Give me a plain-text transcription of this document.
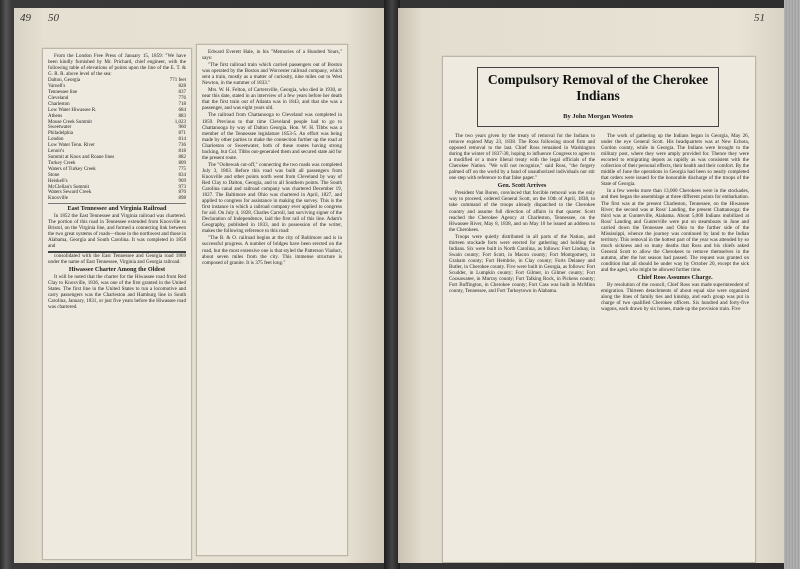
49 50

From the London Free Press of January 15, 1859: "We have been kindly furnished by Mr. Prichard, chief engineer, with the following table of elevations of points upon the line of the E. T. & G. R. R. above level of the sea:

Dalton, Georgia	771 feet
Varnell's	828
Tennessee line	837
Cleveland	776
Charleston	718
Low Water Hiwassee R.	684
Athens	883
Mouse Creek Summit	1,023
Sweetwater	960
Philadelphia	871
London	814
Low Water Tenn. River	736
Lenoir's	818
Summit at Knox and Roane lines	882
Turkey Creek	809
Waters of Turkey Creek	775
Stone	834
Heiskell's	969
McClellan's Summit	973
Waters Seward Creek	870
Knoxville	898

East Tennessee and Virginia Railroad

In 1852 the East Tennessee and Virginia railroad was chartered. The portion of this road in Tennessee extended from Knoxville to Bristol, on the Virginia line, and formed a connecting link between the two great systems of roads—those in the northwest and those in Alabama, Georgia and South Carolina. It was completed in 1858 and

consolidated with the East Tennessee and Georgia road 1869 under the name of East Tennessee, Virginia and Georgia railroad.

Hiwassee Charter Among the Oldest

It will be noted that the charter for the Hiwassee road from Red Clay to Knoxville, 1836, was one of the first granted in the United States. The first line in the United States to run a locomotive and carry passengers was the Charleston and Hamburg line in South Carolina, January, 1831, or just five years before the Hiwassee road was chartered.

Edward Everett Hale, in his "Memories of a Hundred Years," says:

"The first railroad train which carried passengers out of Boston was operated by the Boston and Worcester railroad company, which sent a train, mostly as a matter of curiosity, nine miles out to West Newton, in the summer of 1833."

Mrs. W. H. Felton, of Cartersville, Georgia, who died in 1930, or near this date, stated in an interview of a few years before her death that the first train out of Atlanta was in 1843, and that she was a passenger, and was eight years old.

The railroad from Chattanooga to Cleveland was completed in 1859. Previous to that time Cleveland people had to go to Chattanooga by way of Dalton Georgia. Hon. W. H. Tibbs was a member of the Tennessee legislature 1853-5. An effort was being made by other parties to make the connection further up the road at Charleston or Sweetwater, both of these routes having strong backing, but Col. Tibbs out-generaled them and secured state aid for the present route.

The "Ooltewah cut-off," connecting the two roads was completed July 3, 1863. Before this road was built all passengers from Knoxville and other points north went from Cleveland by way of Red Clay to Dalton, Georgia, and to all Southern points. The South Carolina canal and railroad company was chartered December 19, 1827. The Baltimore and Ohio was chartered in April, 1827, and applied to congress for assistance in making the survey. This is the first instance in which a railroad company ever applied to congress for aid. On July 4, 1828, Charles Carroll, last surviving signer of the Declaration of Independence, laid the first rail of this line. Adam's Geography, published in 1833, and in possession of the writer, makes the following reference to this road:

"The B. & O. railroad begins at the city of Baltimore and is in successful progress. A number of bridges have been erected on the road, but the most extensive one is that styled the Patterson Viaduct, about seven miles from the city. This immense structure is composed of granite. It is 375 feet long."

51
Compulsory Removal of the Cherokee Indians
By John Morgan Wooten

The two years given by the treaty of removal for the Indians to remove expired May 23, 1838. The Ross following stood firm and opposed removal to the last. Chief Ross remained in Washington during the winter of 1837-38, hoping to influence Congress to agree to a modified or a more liberal treaty with the legal officials of the Cherokee Nation. "We will not recognize," said Ross, "the forgery palmed off on the world by a band of unauthorized individuals nor stir one step with reference to that false paper."

Gen. Scott Arrives

President Van Buren, convinced that forcible removal was the only way to proceed, ordered General Scott, on the 10th of April, 1838, to take command of the troops already dispatched to the Cherokee country and assume full direction of affairs in that quarter. Scott reached the Cherokee Agency at Charleston, Tennessee, on the Hiwassee River, May 8, 1838, and on May 10 he issued an address to the Cherokees.

Troops were quietly distributed in all parts of the Nation, and thirteen stockade forts were erected for gathering and holding the Indians. Six were built in North Carolina, as follows: Fort Lindsay, in Swain county; Fort Scott, in Macon county; Fort Montgomery, in Graham county; Fort Hembrie, in Clay county; Forts Delaney and Butler, in Cherokee county. Five were built in Georgia, as follows: Fort Scudder, in Lumpkin county; Fort Gilmer, in Gilmer county; Fort Coosawatee, in Murray county; Fort Talking Rock, in Pickens county; Fort Buffington, in Cherokee county; Fort Cass was built in McMinn county, Tennessee, and Fort Turkeytown in Alabama.

The work of gathering up the Indians began in Georgia, May 26, under the eye General Scott. His headquarters was at New Echota, Gordon county, while in Georgia. The Indians were brought to the military post, where they were amply provided for. Thence they were escorted to emigrating depots as rapidly as was consistent with the collection of their personal effects, their health and their comfort. By the middle of June the operations in Georgia had been so nearly completed that orders were issued for the honorable discharge of the troops of the State of Georgia.

In a few weeks more than 13,000 Cherokees were in the stockades, and then began the assemblage at three different points for embarkation. The first was at the present Charleston, Tennessee, on the Hiwassee River; the second was at Ross' Landing, the present Chattanooga; the third was at Gunterville, Alabama. About 5,000 Indians mobilized at Ross' Landing and Gunterville were put on steamboats in June and carried down the Tennessee and Ohio to the farther side of the Mississippi, whence the journey was continued by land to the Indian territory. This removal in the hottest part of the year was attended by so much sickness and so many deaths that Ross and his chiefs asked General Scott to allow the Cherokees to remove themselves in the autumn, after the hot season had passed. The request was granted on condition that all should be under way by October 20, except the sick and the aged, who might be allowed further time.

Chief Ross Assumes Charge.

By resolution of the council, Chief Ross was made superintendent of emigration. Thirteen detachments of about equal size were organized along the lines of family ties and kinship, and each group was put in charge of two qualified Cherokee officers. Six hundred and forty-five wagons, each drawn by six horses, made up the provision train. Five
